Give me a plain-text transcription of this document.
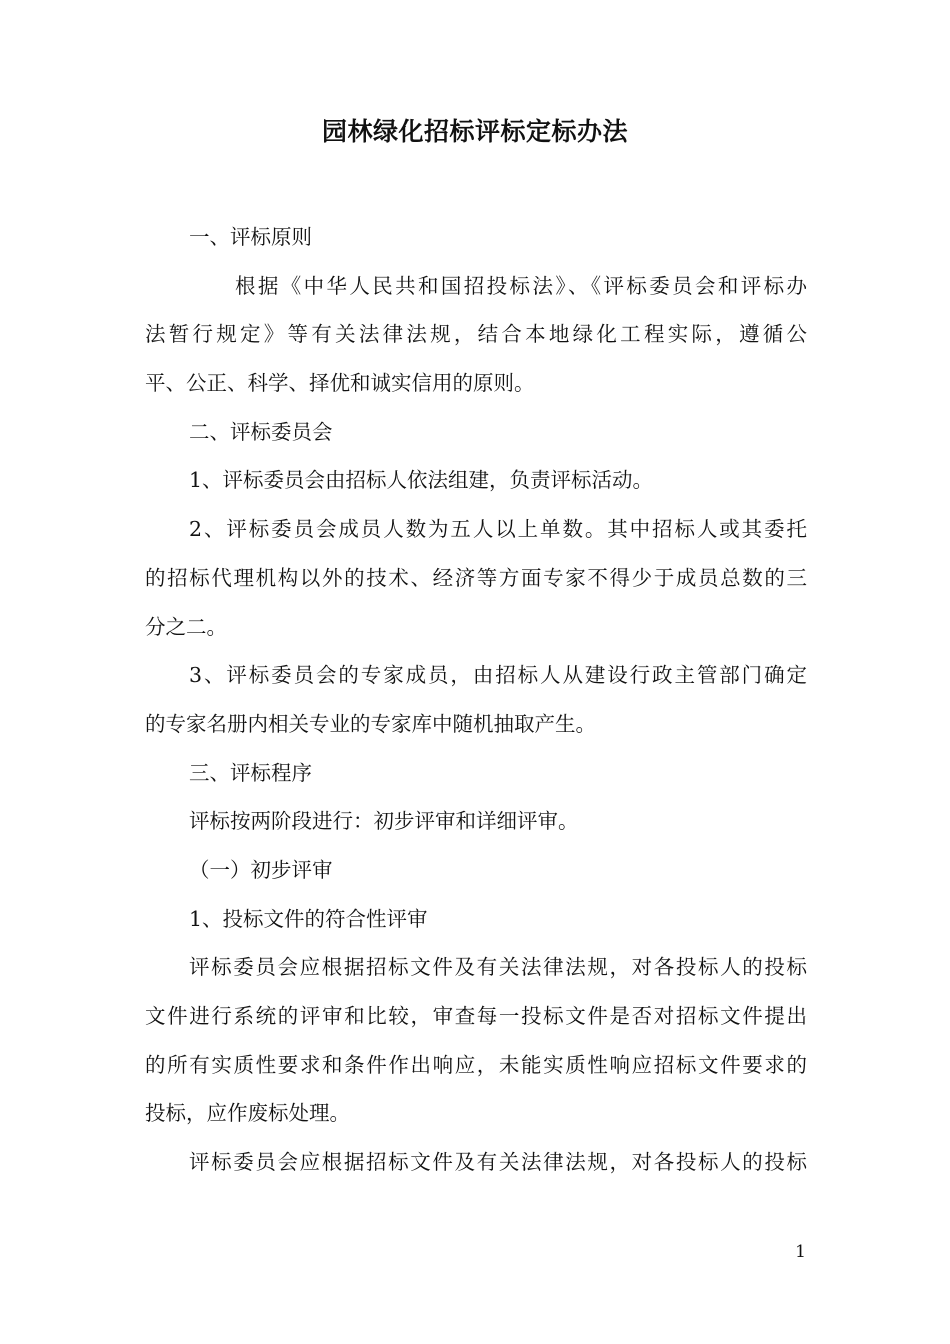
园林绿化招标评标定标办法

一、评标原则

根据《中华人民共和国招投标法》、《评标委员会和评标办

法暂行规定》等有关法律法规，结合本地绿化工程实际，遵循公

平、公正、科学、择优和诚实信用的原则。

二、评标委员会

1、评标委员会由招标人依法组建，负责评标活动。

2、评标委员会成员人数为五人以上单数。其中招标人或其委托

的招标代理机构以外的技术、经济等方面专家不得少于成员总数的三

分之二。

3、评标委员会的专家成员，由招标人从建设行政主管部门确定

的专家名册内相关专业的专家库中随机抽取产生。

三、评标程序

评标按两阶段进行：初步评审和详细评审。

（一）初步评审

1、投标文件的符合性评审

评标委员会应根据招标文件及有关法律法规，对各投标人的投标

文件进行系统的评审和比较，审查每一投标文件是否对招标文件提出

的所有实质性要求和条件作出响应，未能实质性响应招标文件要求的

投标，应作废标处理。

评标委员会应根据招标文件及有关法律法规，对各投标人的投标

1
